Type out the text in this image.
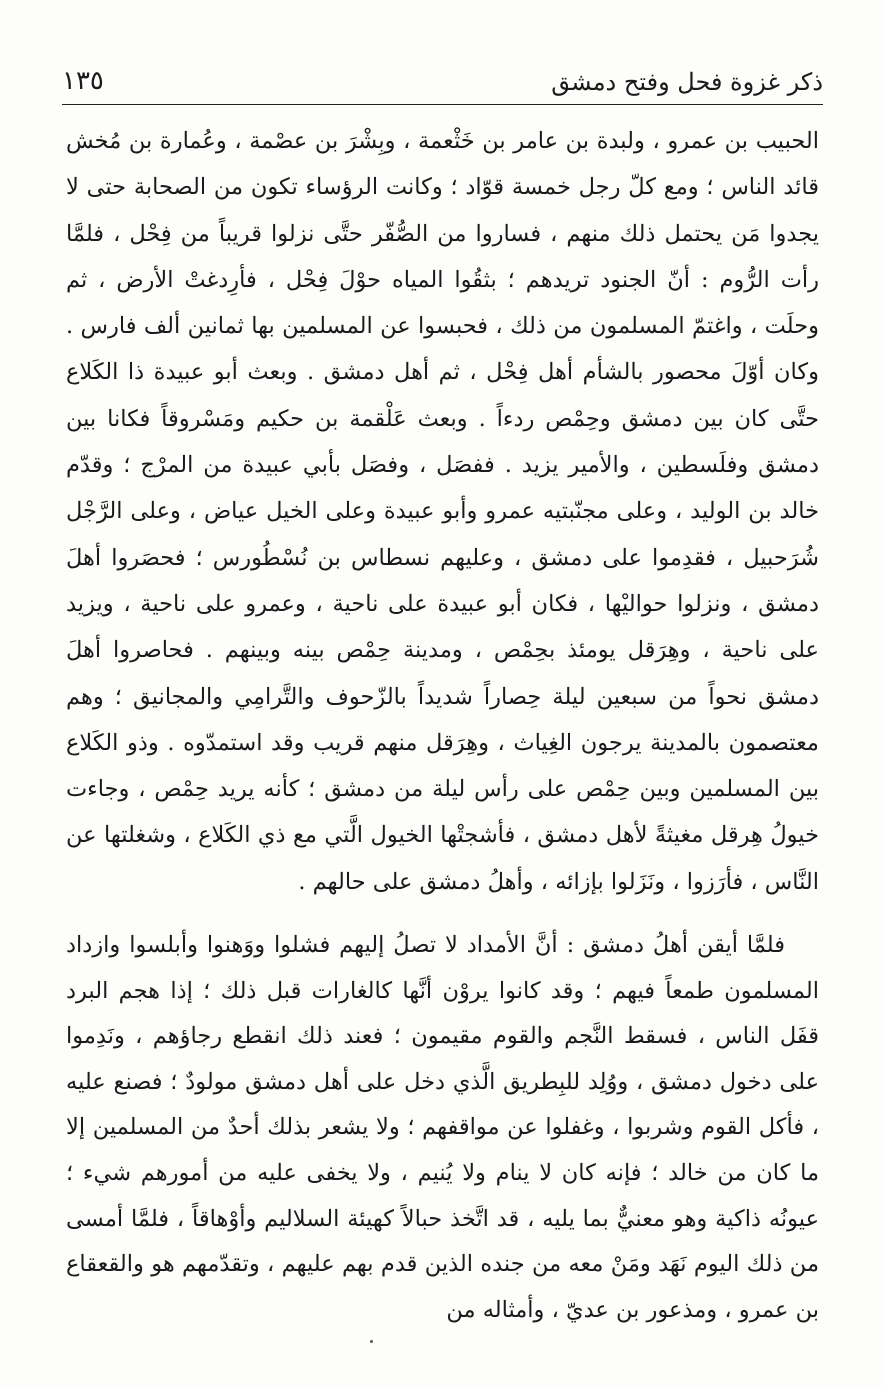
ذكر غزوة فحل وفتح دمشق
١٣٥

الحبيب بن عمرو ، ولبدة بن عامر بن خَثْعمة ، وبِشْرَ بن عصْمة ، وعُمارة بن مُخش قائد الناس ؛ ومع كلّ رجل خمسة قوّاد ؛ وكانت الرؤساء تكون من الصحابة حتى لا يجدوا مَن يحتمل ذلك منهم ، فساروا من الصُّفّر حتَّى نزلوا قريباً من فِحْل ، فلمَّا رأت الرُّوم : أنّ الجنود تريدهم ؛ بثقُوا المياه حوْلَ فِحْل ، فأرِدغتْ الأرض ، ثم وحلَت ، واغتمّ المسلمون من ذلك ، فحبسوا عن المسلمين بها ثمانين ألف فارس . وكان أوّلَ محصور بالشأم أهل فِحْل ، ثم أهل دمشق . وبعث أبو عبيدة ذا الكَلاع حتَّى كان بين دمشق وحِمْص ردءاً . وبعث عَلْقمة بن حكيم ومَسْروقاً فكانا بين دمشق وفلَسطين ، والأمير يزيد . ففصَل ، وفصَل بأبي عبيدة من المرْج ؛ وقدّم خالد بن الوليد ، وعلى مجنّبتيه عمرو وأبو عبيدة وعلى الخيل عياض ، وعلى الرَّجْل شُرَحبيل ، فقدِموا على دمشق ، وعليهم نسطاس بن نُسْطُورس ؛ فحصَروا أهلَ دمشق ، ونزلوا حواليْها ، فكان أبو عبيدة على ناحية ، وعمرو على ناحية ، ويزيد على ناحية ، وهِرَقل يومئذ بحِمْص ، ومدينة حِمْص بينه وبينهم . فحاصروا أهلَ دمشق نحواً من سبعين ليلة حِصاراً شديداً بالزّحوف والتَّرامِي والمجانيق ؛ وهم معتصمون بالمدينة يرجون الغِياث ، وهِرَقل منهم قريب وقد استمدّوه . وذو الكَلاع بين المسلمين وبين حِمْص على رأس ليلة من دمشق ؛ كأنه يريد حِمْص ، وجاءت خيولُ هِرقل مغيثةً لأهل دمشق ، فأشجتْها الخيول الَّتي مع ذي الكَلاع ، وشغلتها عن النَّاس ، فأرَزوا ، ونَزَلوا بإزائه ، وأهلُ دمشق على حالهم .

فلمَّا أيقن أهلُ دمشق : أنَّ الأمداد لا تصلُ إليهم فشلوا ووَهنوا وأبلسوا وازداد المسلمون طمعاً فيهم ؛ وقد كانوا يروْن أنَّها كالغارات قبل ذلك ؛ إذا هجم البرد قفَل الناس ، فسقط النَّجم والقوم مقيمون ؛ فعند ذلك انقطع رجاؤهم ، ونَدِموا على دخول دمشق ، ووُلِد للبِطريق الَّذي دخل على أهل دمشق مولودٌ ؛ فصنع عليه ، فأكل القوم وشربوا ، وغفلوا عن مواقفهم ؛ ولا يشعر بذلك أحدٌ من المسلمين إلا ما كان من خالد ؛ فإنه كان لا ينام ولا يُنيم ، ولا يخفى عليه من أمورهم شيء ؛ عيونُه ذاكية وهو معنيٌّ بما يليه ، قد اتَّخذ حبالاً كهيئة السلاليم وأوْهاقاً ، فلمَّا أمسى من ذلك اليوم نَهَد ومَنْ معه من جنده الذين قدم بهم عليهم ، وتقدّمهم هو والقعقاع بن عمرو ، ومذعور بن عديّ ، وأمثاله من
